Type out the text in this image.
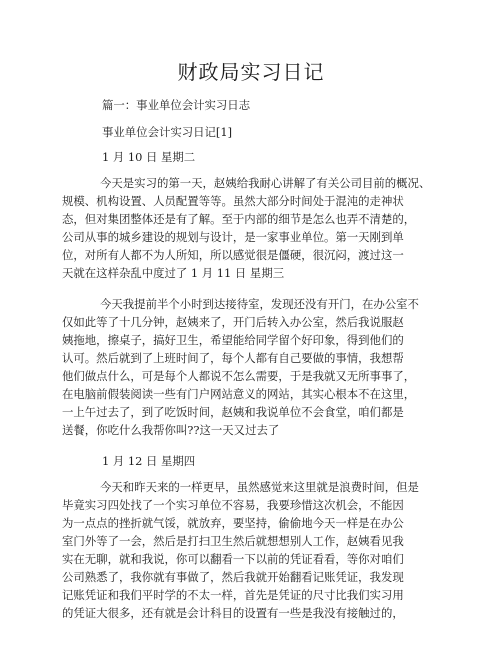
财政局实习日记
篇一：事业单位会计实习日志
事业单位会计实习日记[1]
1 月 10 日 星期二
今天是实习的第一天，赵姨给我耐心讲解了有关公司目前的概况、
规模、机构设置、人员配置等等。虽然大部分时间处于混沌的走神状
态，但对集团整体还是有了解。至于内部的细节是怎么也弄不清楚的，
公司从事的城乡建设的规划与设计，是一家事业单位。第一天刚到单
位，对所有人都不为人所知，所以感觉很是僵硬，很沉闷，渡过这一
天就在这样杂乱中度过了 1 月 11 日 星期三
今天我提前半个小时到达接待室，发现还没有开门，在办公室不
仅如此等了十几分钟，赵姨来了，开门后转入办公室，然后我说服赵
姨拖地，擦桌子，搞好卫生，希望能给同学留个好印象，得到他们的
认可。然后就到了上班时间了，每个人都有自己要做的事情，我想帮
他们做点什么，可是每个人都说不怎么需要，于是我就又无所事事了，
在电脑前假装阅读一些有门户网站意义的网站，其实心根本不在这里，
一上午过去了，到了吃饭时间，赵姨和我说单位不会食堂，咱们都是
送餐，你吃什么我帮你叫??这一天又过去了
1 月 12 日 星期四
今天和昨天来的一样更早，虽然感觉来这里就是浪费时间，但是
毕竟实习四处找了一个实习单位不容易，我要珍惜这次机会，不能因
为一点点的挫折就气馁，就放弃，要坚持，偷偷地今天一样是在办公
室门外等了一会，然后是打扫卫生然后就想想别人工作，赵姨看见我
实在无聊，就和我说，你可以翻看一下以前的凭证看看，等你对咱们
公司熟悉了，我你就有事做了，然后我就开始翻看记账凭证，我发现
记账凭证和我们平时学的不太一样，首先是凭证的尺寸比我们实习用
的凭证大很多，还有就是会计科目的设置有一些是我没有接触过的，
